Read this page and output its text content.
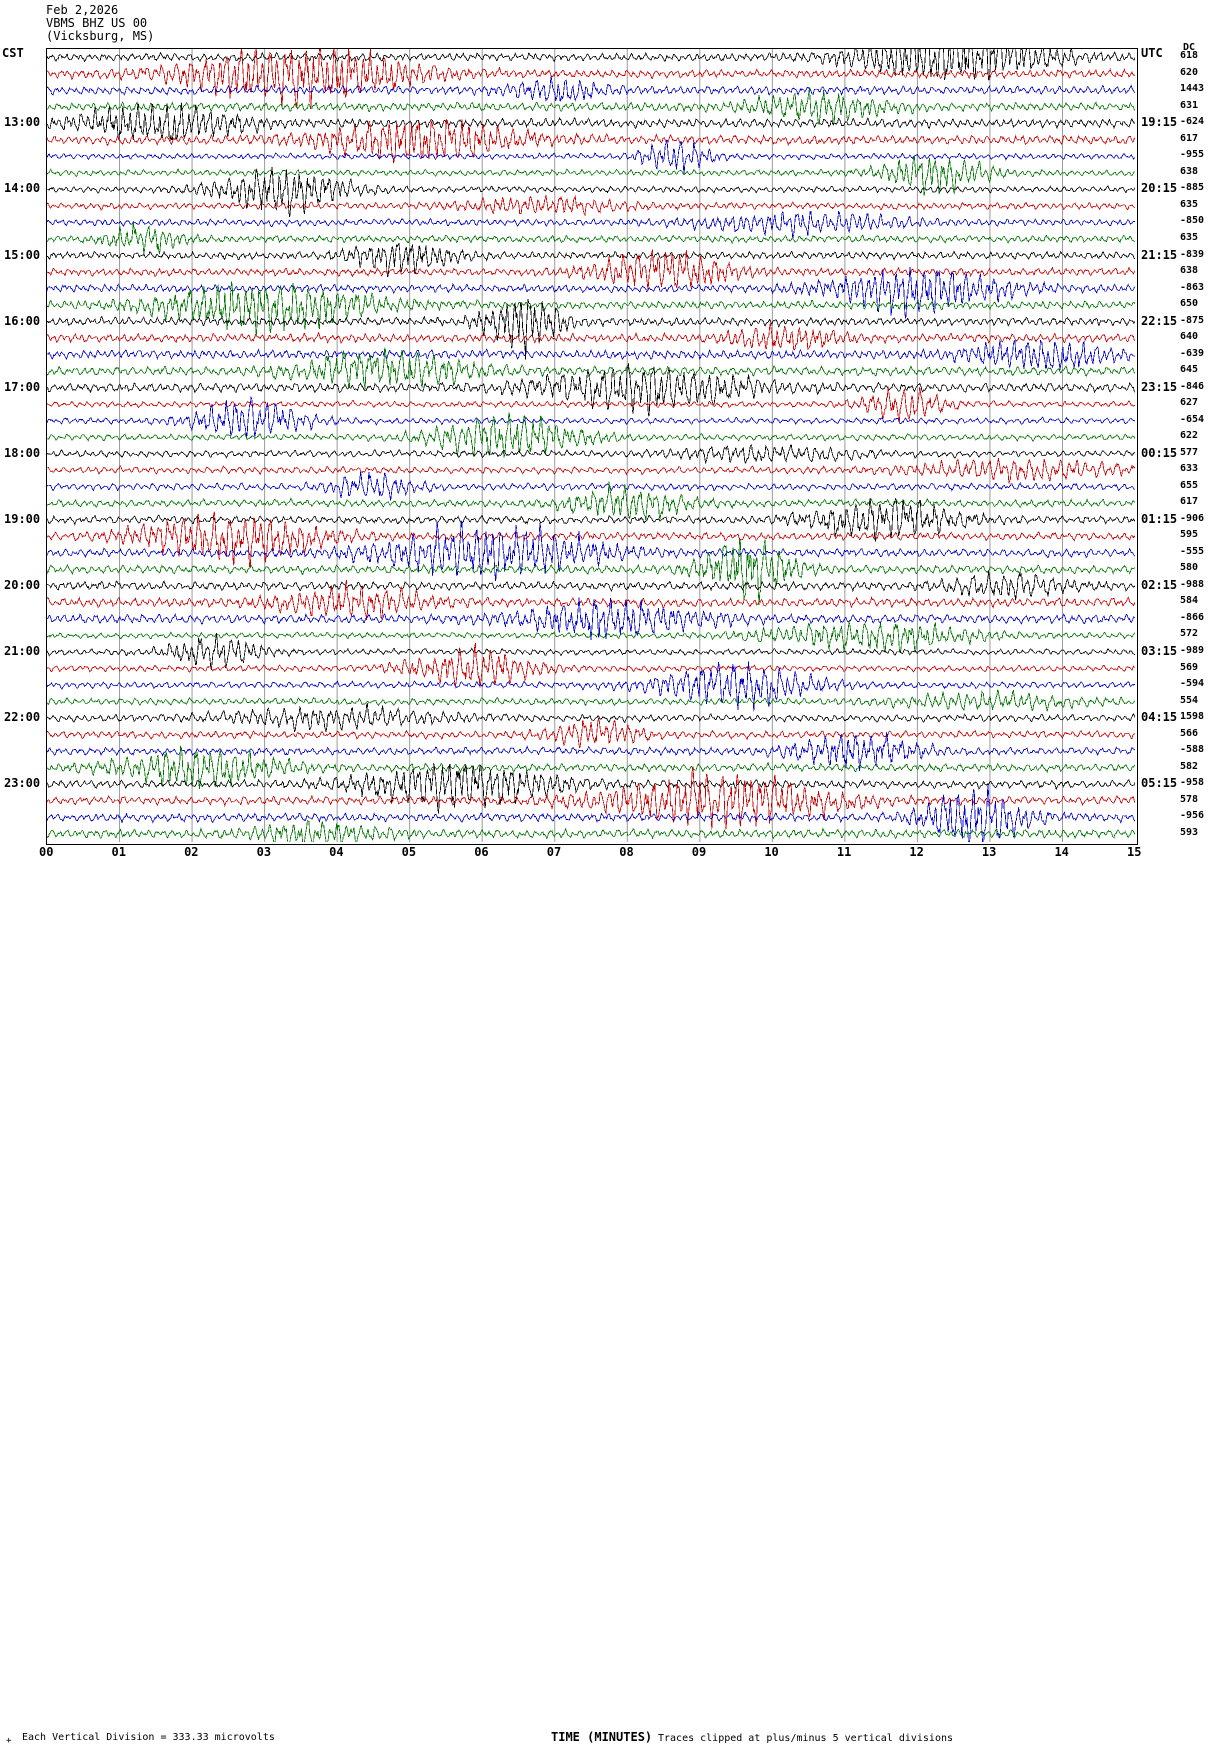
Feb 2,2026
VBMS BHZ US 00
(Vicksburg, MS)
CST	UTC DC
618
620
1443
631
13:00	19:15 -624
617
-955
638
14:00	20:15 -885
635
-850
635
15:00	21:15 -839
638
-863
650
16:00	22:15 -875
640
-639
645
17:00	23:15 -846
627
-654
622
18:00	00:15 577
633
655
617
19:00	01:15 -906
595
-555
580
20:00	02:15 -988
584
-866
572
21:00	03:15 -989
569
-594
554
22:00	04:15 1598
566
-588
582
23:00	05:15 -958
578
-956
593
00	01	02	03	04	05	06	07	08	09	10	11	12	13	14	15
+ Each Vertical Division = 333.33 microvolts	TIME (MINUTES) Traces clipped at plus/minus 5 vertical divisions
